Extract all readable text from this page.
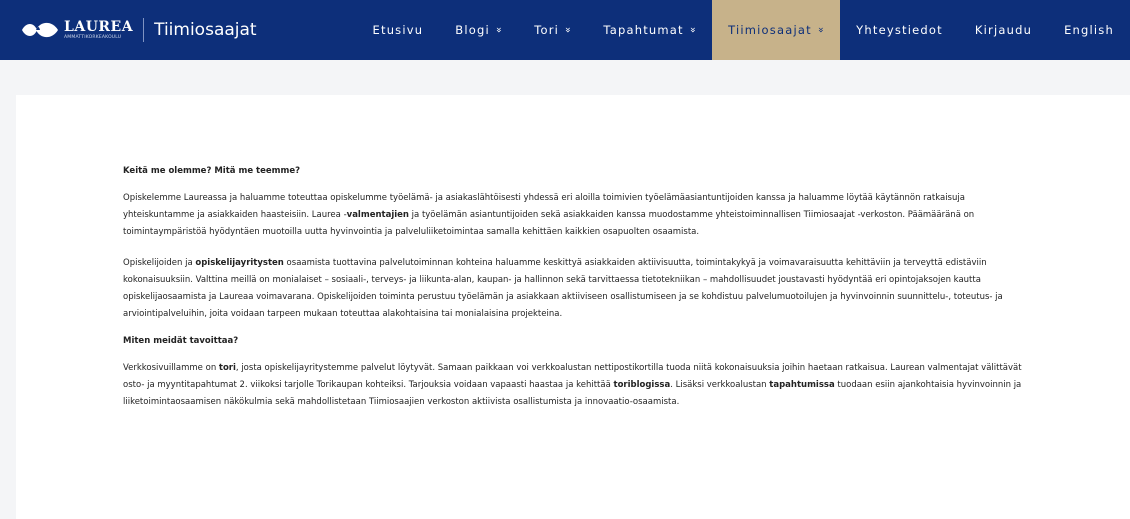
LAUREA
AMMATTIKORKEAKOULU	Tiimiosaajat	Etusivu	Blogi »	Tori »	Tapahtumat »	Tiimiosaajat »	Yhteystiedot	Kirjaudu	English
Keitä me olemme? Mitä me teemme?

Opiskelemme Laureassa ja haluamme toteuttaa opiskelumme työelämä- ja asiakaslähtöisesti yhdessä eri aloilla toimivien työelämäasiantuntijoiden kanssa ja haluamme löytää käytännön ratkaisuja yhteiskuntamme ja asiakkaiden haasteisiin. Laurea -valmentajien ja työelämän asiantuntijoiden sekä asiakkaiden kanssa muodostamme yhteistoiminnallisen Tiimiosaajat -verkoston. Päämääränä on toimintaympäristöä hyödyntäen muotoilla uutta hyvinvointia ja palveluliiketoimintaa samalla kehittäen kaikkien osapuolten osaamista.

Opiskelijoiden ja opiskelijayritysten osaamista tuottavina palvelutoiminnan kohteina haluamme keskittyä asiakkaiden aktiivisuutta, toimintakykyä ja voimavaraisuutta kehittäviin ja terveyttä edistäviin kokonaisuuksiin. Valttina meillä on monialaiset – sosiaali-, terveys- ja liikunta-alan, kaupan- ja hallinnon sekä tarvittaessa tietotekniikan – mahdollisuudet joustavasti hyödyntää eri opintojaksojen kautta opiskelijaosaamista ja Laureaa voimavarana. Opiskelijoiden toiminta perustuu työelämän ja asiakkaan aktiiviseen osallistumiseen ja se kohdistuu palvelumuotoilujen ja hyvinvoinnin suunnittelu-, toteutus- ja arviointipalveluihin, joita voidaan tarpeen mukaan toteuttaa alakohtaisina tai monialaisina projekteina.

Miten meidät tavoittaa?

Verkkosivuillamme on tori, josta opiskelijayritystemme palvelut löytyvät. Samaan paikkaan voi verkkoalustan nettipostikortilla tuoda niitä kokonaisuuksia joihin haetaan ratkaisua. Laurean valmentajat välittävät osto- ja myyntitapahtumat 2. viikoksi tarjolle Torikaupan kohteiksi. Tarjouksia voidaan vapaasti haastaa ja kehittää toriblogissa. Lisäksi verkkoalustan tapahtumissa tuodaan esiin ajankohtaisia hyvinvoinnin ja liiketoimintaosaamisen näkökulmia sekä mahdollistetaan Tiimiosaajien verkoston aktiivista osallistumista ja innovaatio-osaamista.
